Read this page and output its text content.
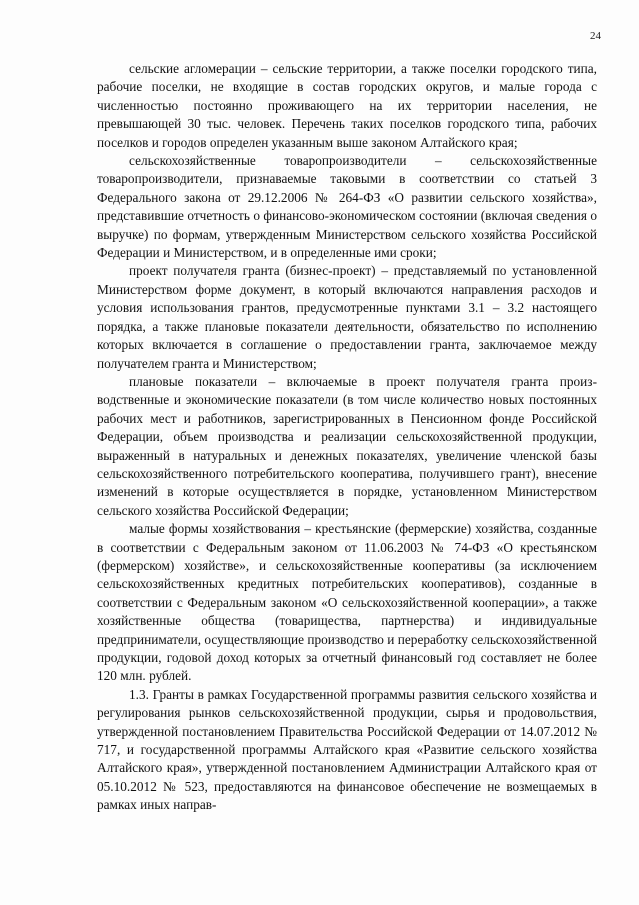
24

сельские агломерации – сельские территории, а также поселки городского типа, рабочие поселки, не входящие в состав городских округов, и малые города с численностью постоянно проживающего на их территории населения, не превышающей 30 тыс. человек. Перечень таких поселков городского типа, рабочих поселков и городов определен указанным выше законом Алтайского края;

сельскохозяйственные товаропроизводители – сельскохозяйственные товаропроизводители, признаваемые таковыми в соответствии со статьей 3 Федерального закона от 29.12.2006 № 264-ФЗ «О развитии сельского хозяйства», представившие отчетность о финансово-экономическом состоянии (включая сведения о выручке) по формам, утвержденным Министерством сельского хозяйства Российской Федерации и Министерством, и в определенные ими сроки;

проект получателя гранта (бизнес-проект) – представляемый по установленной Министерством форме документ, в который включаются направления расходов и условия использования грантов, предусмотренные пунктами 3.1 – 3.2 настоящего порядка, а также плановые показатели деятельности, обязательство по исполнению которых включается в соглашение о предоставлении гранта, заключаемое между получателем гранта и Министерством;

плановые показатели – включаемые в проект получателя гранта производственные и экономические показатели (в том числе количество новых постоянных рабочих мест и работников, зарегистрированных в Пенсионном фонде Российской Федерации, объем производства и реализации сельскохозяйственной продукции, выраженный в натуральных и денежных показателях, увеличение членской базы сельскохозяйственного потребительского кооператива, получившего грант), внесение изменений в которые осуществляется в порядке, установленном Министерством сельского хозяйства Российской Федерации;

малые формы хозяйствования – крестьянские (фермерские) хозяйства, созданные в соответствии с Федеральным законом от 11.06.2003 № 74-ФЗ «О крестьянском (фермерском) хозяйстве», и сельскохозяйственные кооперативы (за исключением сельскохозяйственных кредитных потребительских кооперативов), созданные в соответствии с Федеральным законом «О сельскохозяйственной кооперации», а также хозяйственные общества (товарищества, партнерства) и индивидуальные предприниматели, осуществляющие производство и переработку сельскохозяйственной продукции, годовой доход которых за отчетный финансовый год составляет не более 120 млн. рублей.

1.3. Гранты в рамках Государственной программы развития сельского хозяйства и регулирования рынков сельскохозяйственной продукции, сырья и продовольствия, утвержденной постановлением Правительства Российской Федерации от 14.07.2012 № 717, и государственной программы Алтайского края «Развитие сельского хозяйства Алтайского края», утвержденной постановлением Администрации Алтайского края от 05.10.2012 № 523, предоставляются на финансовое обеспечение не возмещаемых в рамках иных направ-
